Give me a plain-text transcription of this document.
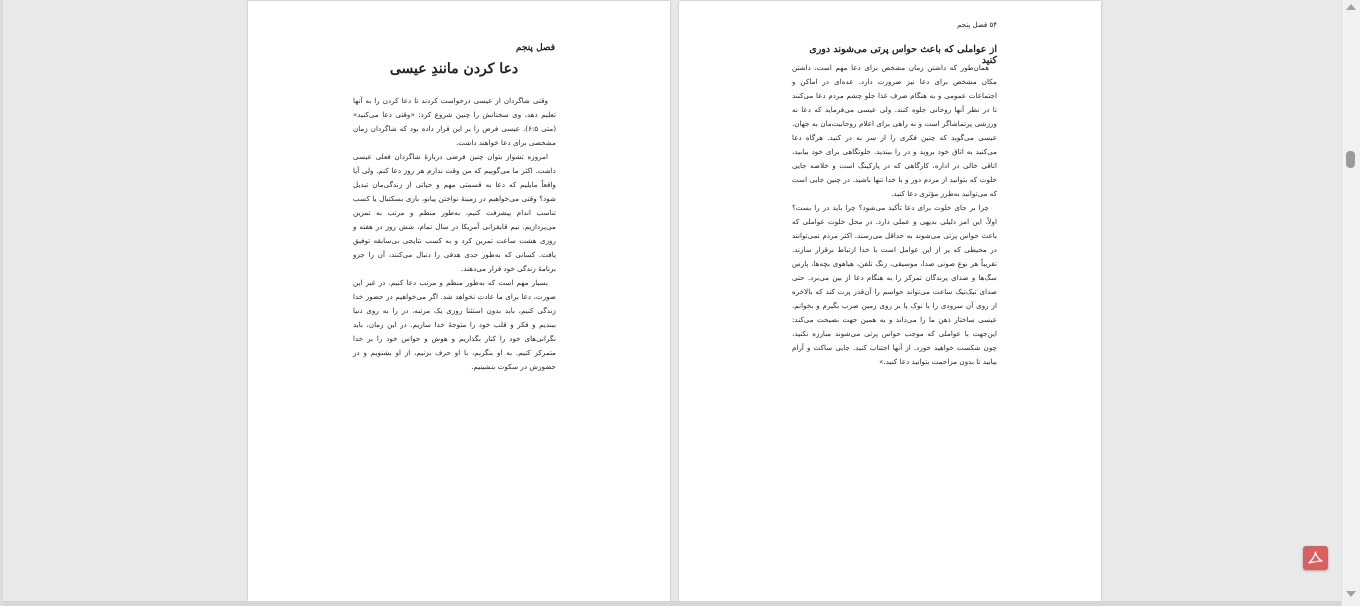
فصل پنجم
دعا کردن مانندِ عیسی

وقتی شاگردان از عیسی درخواست کردند تا دعا کردن را به آنها تعلیم دهد، وی سخنانش را چنین شروع کرد: «وقتی دعا می‌کنید» (متی ۶:۵). عیسی فرض را بر این قرار داده بود که شاگردان زمان مشخصی برای دعا خواهند داشت.

امروزه تشواز بتوان چنین فرضی دربارهٔ شاگردان فعلی عیسی داشت. اکثر ما می‌گوییم که من وقت ندارم هر روز دعا کنم. ولی آیا واقعاً مایلیم که دعا به قسمتی مهم و حیاتی از زندگی‌مان تبدیل شود؟ وقتی می‌خواهیم در زمینهٔ نواختن پیانو، بازی بسکتبال یا کسب تناسب اندام پیشرفت کنیم، به‌طور منظم و مرتب به تمرین می‌پردازیم. تیم قایقرانی آمریکا در سال تمام، شش روز در هفته و روزی هشت ساعت تمرین کرد و به کسب نتایجی بی‌سابقه توفیق یافت. کسانی که به‌طور جدی هدفی را دنبال می‌کنند، آن را جزو برنامهٔ زندگی خود قرار می‌دهند.

بسیار مهم است که به‌طور منظم و مرتب دعا کنیم. در غیر این صورت، دعا برای ما عادت نخواهد شد. اگر می‌خواهیم در حضور خدا زندگی کنیم، باید بدون استثنا روزی یک مرتبه، در را به روی دنیا ببندیم و فکر و قلب خود را متوجهٔ خدا سازیم. در این زمان، باید نگرانی‌های خود را کنار بگذاریم و هوش و حواس خود را بر خدا متمرکز کنیم. به او بنگریم، با او حرف بزنیم، از او بشنویم و در حضورش در سکوت بنشینیم.

۵۴ فصل پنجم
از عواملی که باعث حواس پرتی می‌شوند دوری کنید

همان‌طور که داشتن زمان مشخص برای دعا مهم است، داشتن مکان مشخص برای دعا نیز ضرورت دارد. عده‌ای در اماکن و اجتماعات عمومی و به هنگام صرف غذا جلو چشم مردم دعا می‌کنند تا در نظر آنها روحانی جلوه کنند. ولی عیسی می‌فرماید که دعا نه ورزشی پرتماشاگر است و نه راهی برای اعلام روحانیت‌مان به جهان. عیسی می‌گوید که چنین فکری را از سر به در کنید. هرگاه دعا می‌کنید به اتاق خود بروید و در را ببندید. خلوتگاهی برای خود بیابید، اتاقی خالی در اداره، کارگاهی که در پارکینگ است و خلاصه جایی خلوت که بتوانید از مردم دور و با خدا تنها باشید. در چنین جایی است که می‌توانید به‌طرز مؤثری دعا کنید.

چرا بر جای خلوت برای دعا تأکید می‌شود؟ چرا باید در را بست؟ اولاً، این امر دلیلی بدیهی و عملی دارد. در محل خلوت عواملی که باعث حواس پرتی می‌شوند به حداقل می‌رسند. اکثر مردم نمی‌توانند در محیطی که پر از این عوامل است با خدا ارتباط برقرار سازند. تقریباً هر نوع صوتی صدا، موسیقی، زنگ تلفن، هیاهوی بچه‌ها، پارس سگ‌ها و صدای پرندگان تمرکز را به هنگام دعا از بین می‌برد. حتی صدای تیک‌تیک ساعت می‌تواند حواسم را آن‌قدر پرت کند که بالاخره از روی آن سرودی را با نوک پا بر روی زمین ضرب بگیرم و بخوانم. عیسی ساختار ذهن ما را می‌داند و به همین جهت نصیحت می‌کند: این‌جهت با عواملی که موجب حواس پرتی می‌شوند مبارزه نکنید، چون شکست خواهید خورد. از آنها اجتناب کنید. جایی ساکت و آرام بیابید تا بدون مزاحمت بتوانید دعا کنید.»
